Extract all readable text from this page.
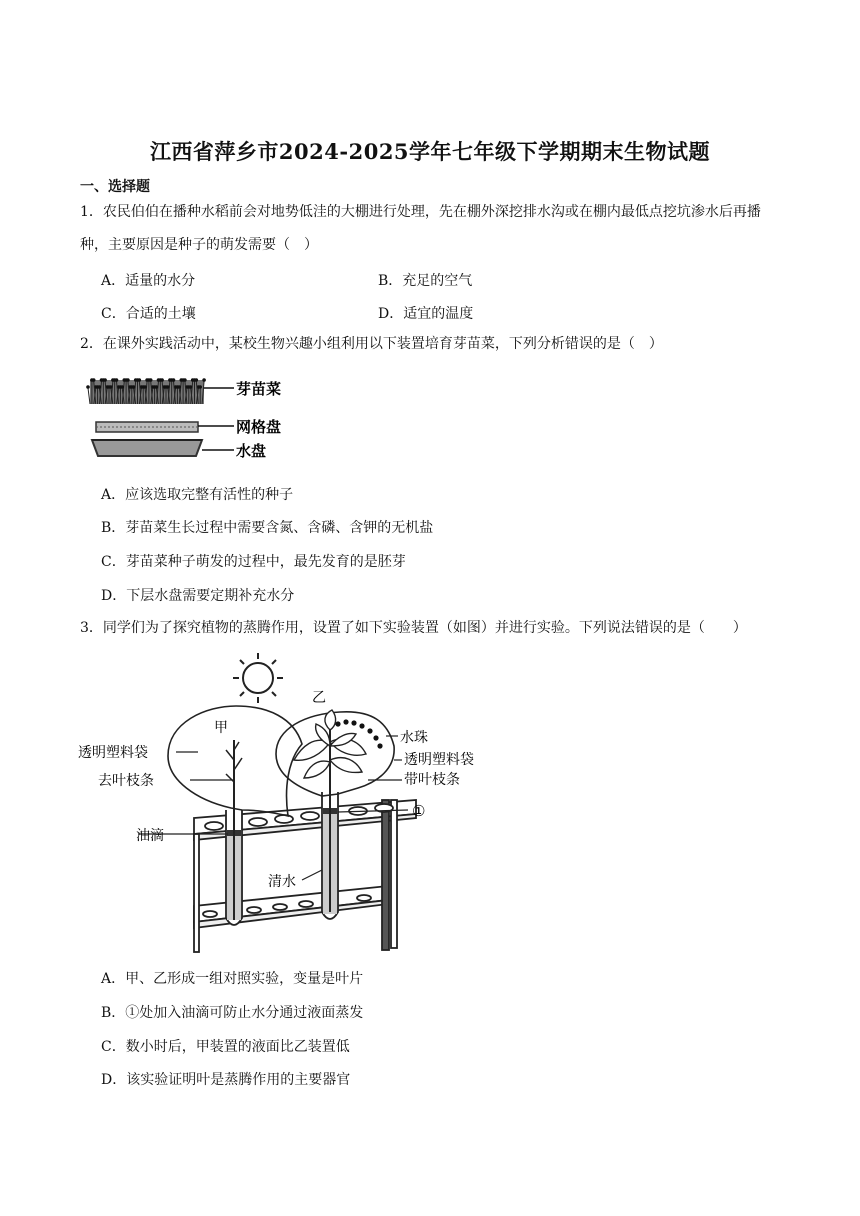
江西省萍乡市2024-2025学年七年级下学期期末生物试题
一、选择题
1．农民伯伯在播种水稻前会对地势低洼的大棚进行处理，先在棚外深挖排水沟或在棚内最低点挖坑渗水后再播种，主要原因是种子的萌发需要（　）
A．适量的水分	B．充足的空气
C．合适的土壤	D．适宜的温度
2．在课外实践活动中，某校生物兴趣小组利用以下装置培育芽苗菜，下列分析错误的是（　）
芽苗菜
网格盘
水盘
A．应该选取完整有活性的种子
B．芽苗菜生长过程中需要含氮、含磷、含钾的无机盐
C．芽苗菜种子萌发的过程中，最先发育的是胚芽
D．下层水盘需要定期补充水分
3．同学们为了探究植物的蒸腾作用，设置了如下实验装置（如图）并进行实验。下列说法错误的是（　　）
甲
乙
水珠
透明塑料袋	透明塑料袋
去叶枝条	带叶枝条
①
油滴
清水
A．甲、乙形成一组对照实验，变量是叶片
B．①处加入油滴可防止水分通过液面蒸发
C．数小时后，甲装置的液面比乙装置低
D．该实验证明叶是蒸腾作用的主要器官
